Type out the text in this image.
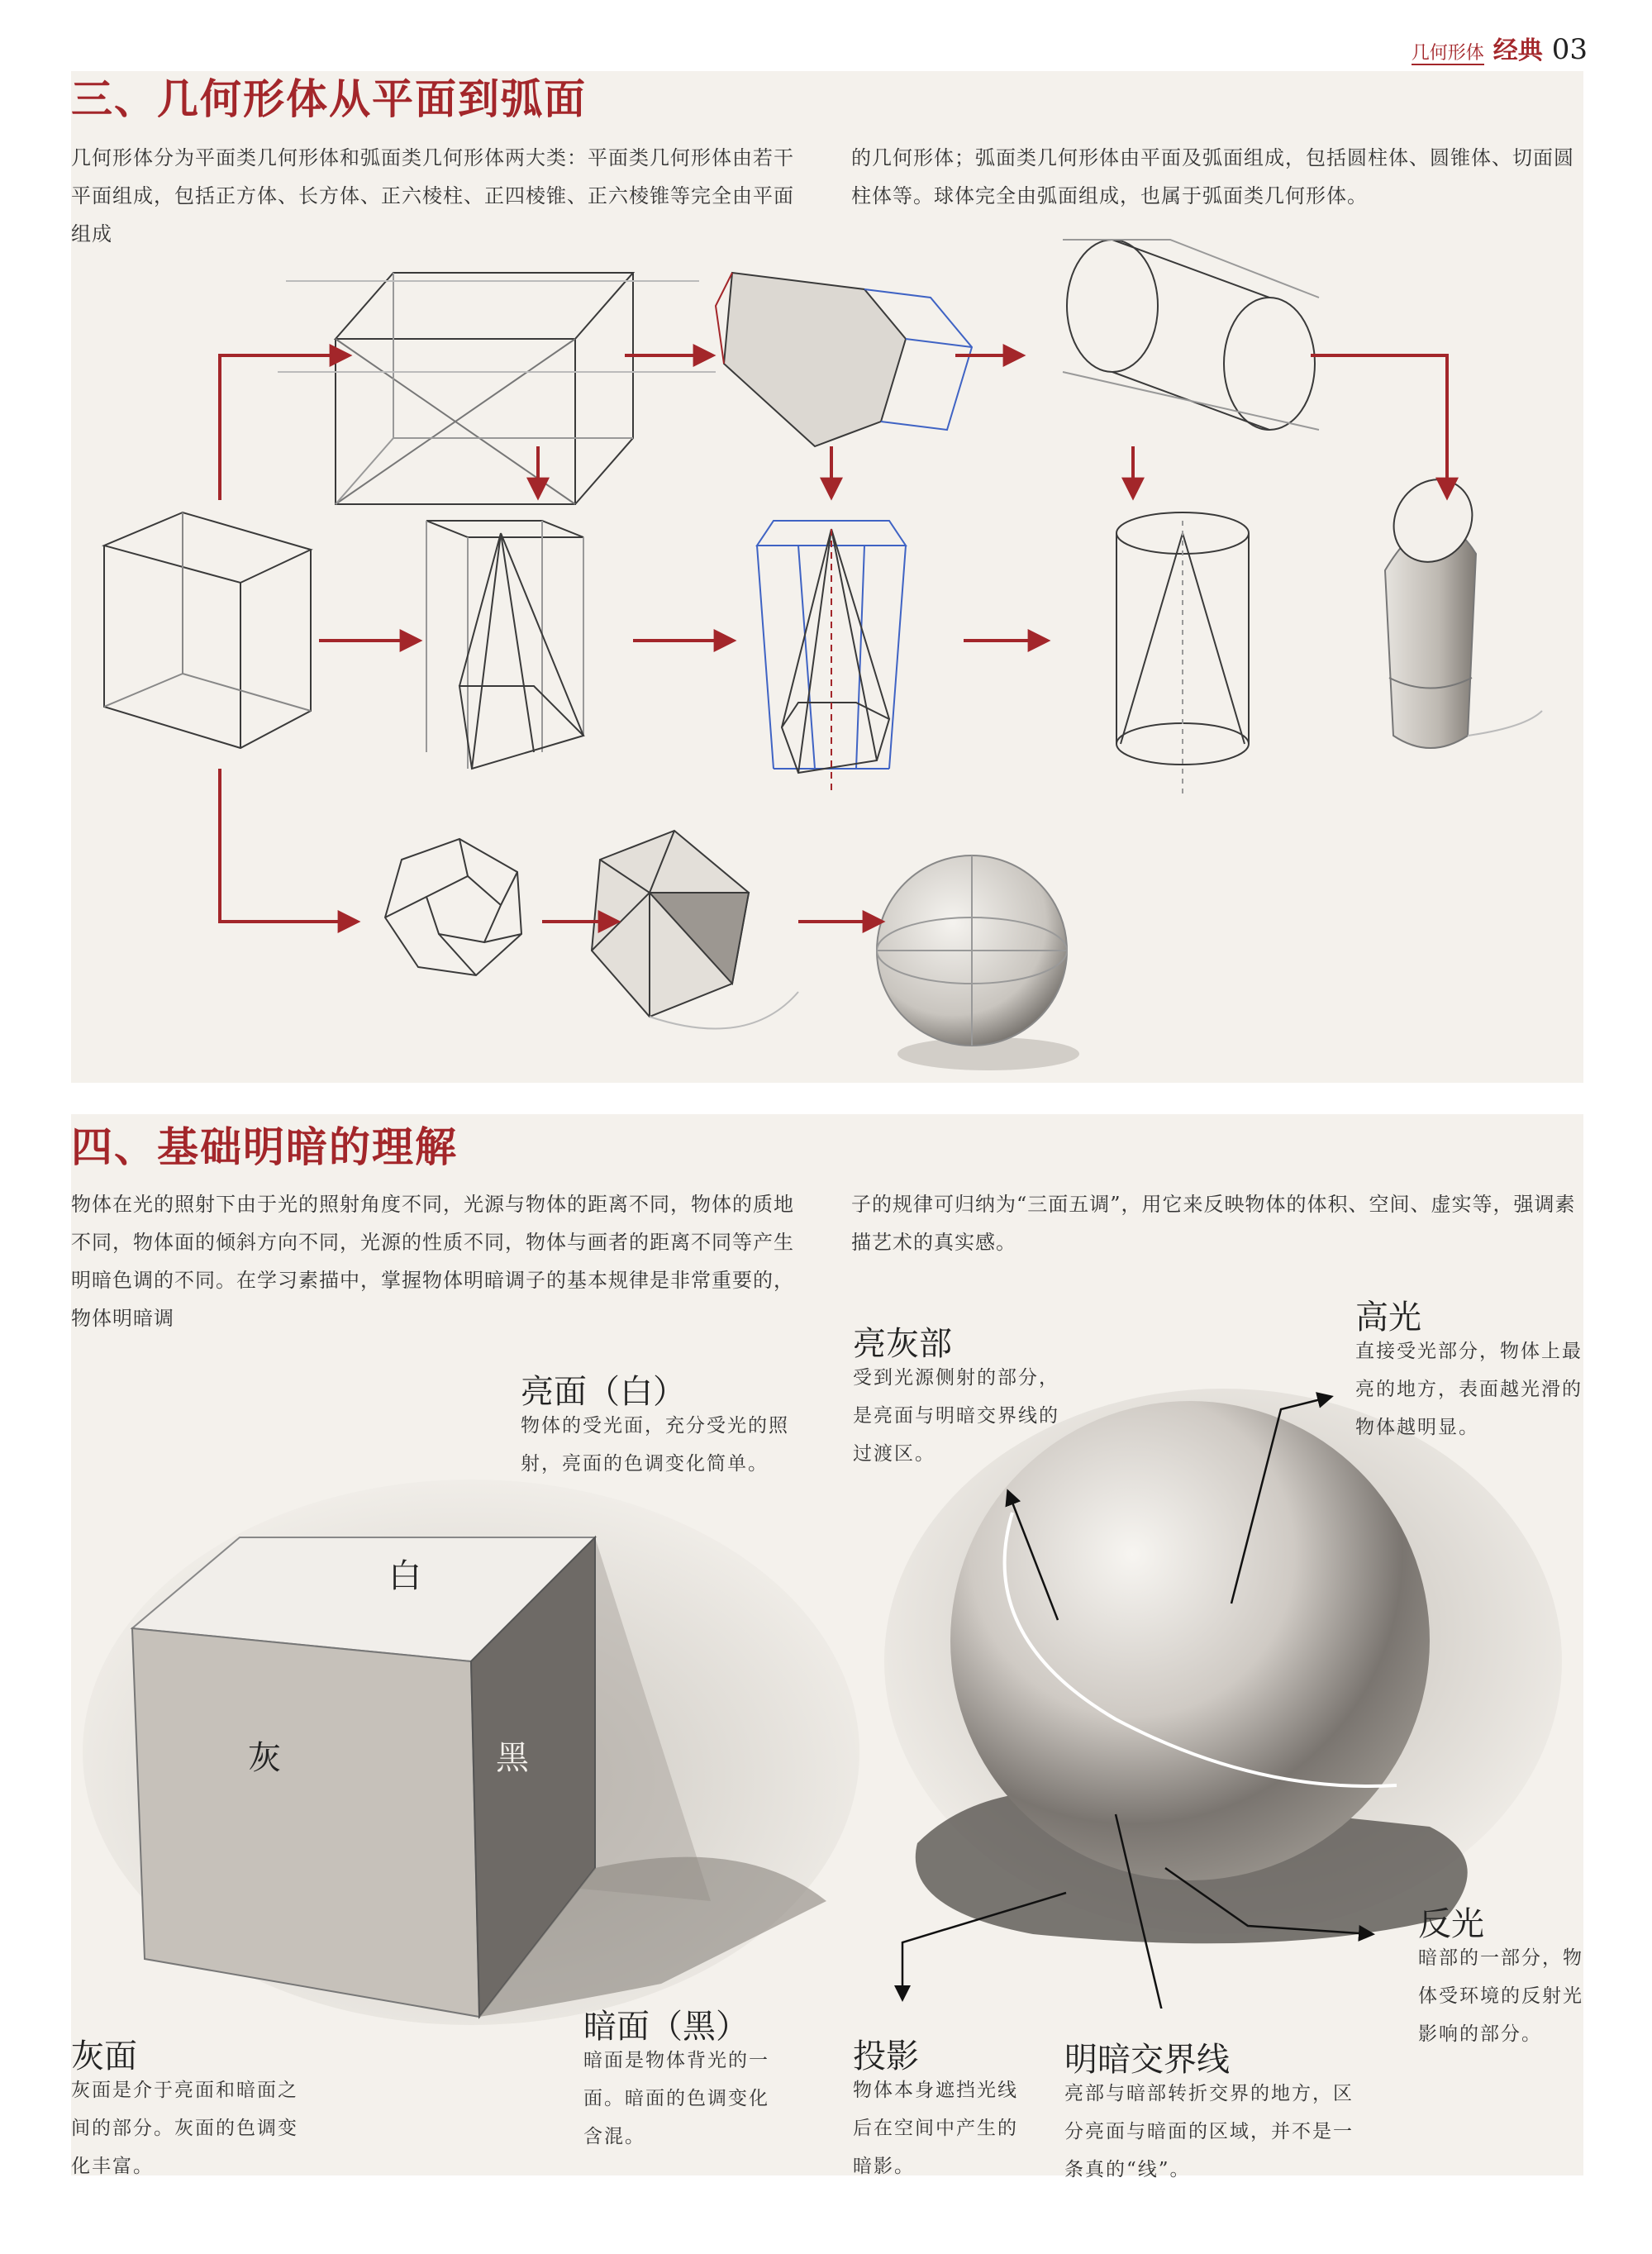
几何形体 经典 03
三、几何形体从平面到弧面
几何形体分为平面类几何形体和弧面类几何形体两大类：平面类几何形体由若干平面组成，包括正方体、长方体、正六棱柱、正四棱锥、正六棱锥等完全由平面组成
的几何形体；弧面类几何形体由平面及弧面组成，包括圆柱体、圆锥体、切面圆柱体等。球体完全由弧面组成，也属于弧面类几何形体。
四、基础明暗的理解
物体在光的照射下由于光的照射角度不同，光源与物体的距离不同，物体的质地不同，物体面的倾斜方向不同，光源的性质不同，物体与画者的距离不同等产生明暗色调的不同。在学习素描中，掌握物体明暗调子的基本规律是非常重要的，物体明暗调
子的规律可归纳为“三面五调”，用它来反映物体的体积、空间、虚实等，强调素描艺术的真实感。
白
灰	黑
亮面（白）
物体的受光面，充分受光的照射，亮面的色调变化简单。
亮灰部
受到光源侧射的部分，是亮面与明暗交界线的过渡区。
高光
直接受光部分，物体上最亮的地方，表面越光滑的物体越明显。
反光
暗部的一部分，物体受环境的反射光影响的部分。
灰面
灰面是介于亮面和暗面之间的部分。灰面的色调变化丰富。
暗面（黑）
暗面是物体背光的一面。暗面的色调变化含混。
投影
物体本身遮挡光线后在空间中产生的暗影。
明暗交界线
亮部与暗部转折交界的地方，区分亮面与暗面的区域，并不是一条真的“线”。
